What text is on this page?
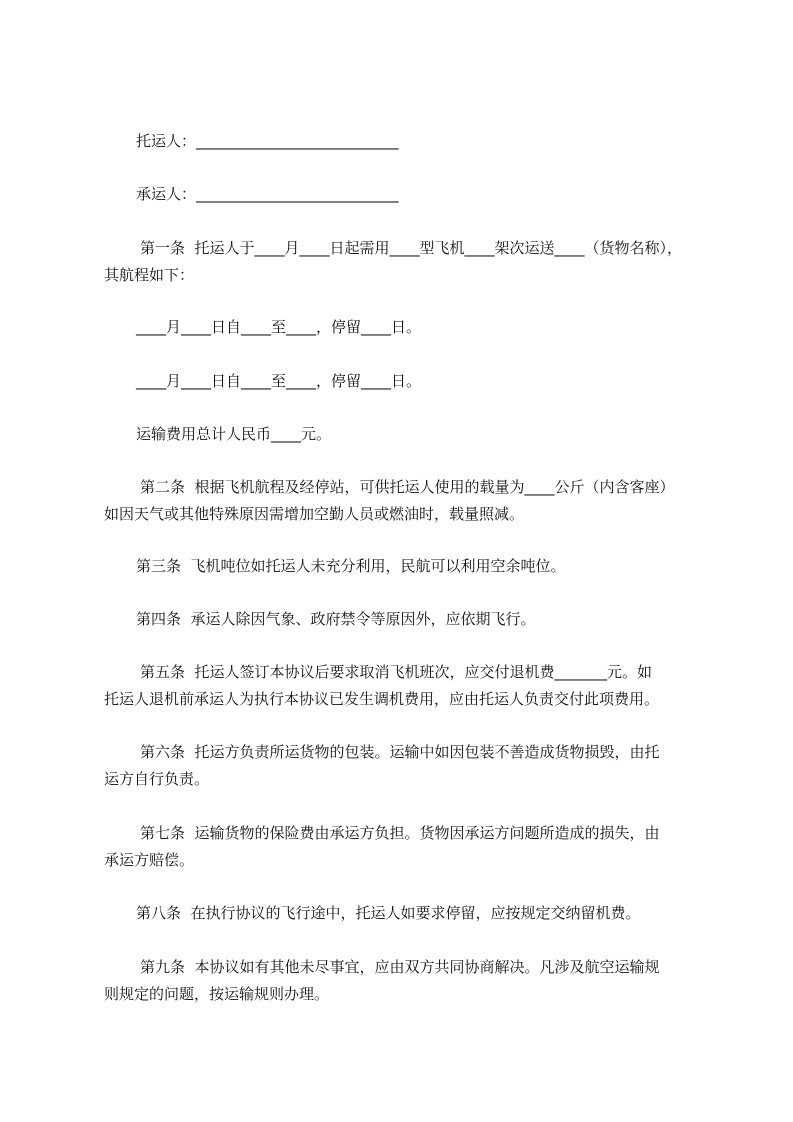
托运人：___________________________
承运人：___________________________
第一条  托运人于____月____日起需用____型飞机____架次运送____（货物名称），
其航程如下：
____月____日自____至____，停留____日。
____月____日自____至____，停留____日。
运输费用总计人民币____元。
第二条  根据飞机航程及经停站，可供托运人使用的载量为____公斤（内含客座）
如因天气或其他特殊原因需增加空勤人员或燃油时，载量照减。
第三条  飞机吨位如托运人未充分利用，民航可以利用空余吨位。
第四条  承运人除因气象、政府禁令等原因外，应依期飞行。
第五条  托运人签订本协议后要求取消飞机班次，应交付退机费_______元。如
托运人退机前承运人为执行本协议已发生调机费用，应由托运人负责交付此项费用。
第六条  托运方负责所运货物的包装。运输中如因包装不善造成货物损毁，由托
运方自行负责。
第七条  运输货物的保险费由承运方负担。货物因承运方问题所造成的损失，由
承运方赔偿。
第八条  在执行协议的飞行途中，托运人如要求停留，应按规定交纳留机费。
第九条  本协议如有其他未尽事宜，应由双方共同协商解决。凡涉及航空运输规
则规定的问题，按运输规则办理。
